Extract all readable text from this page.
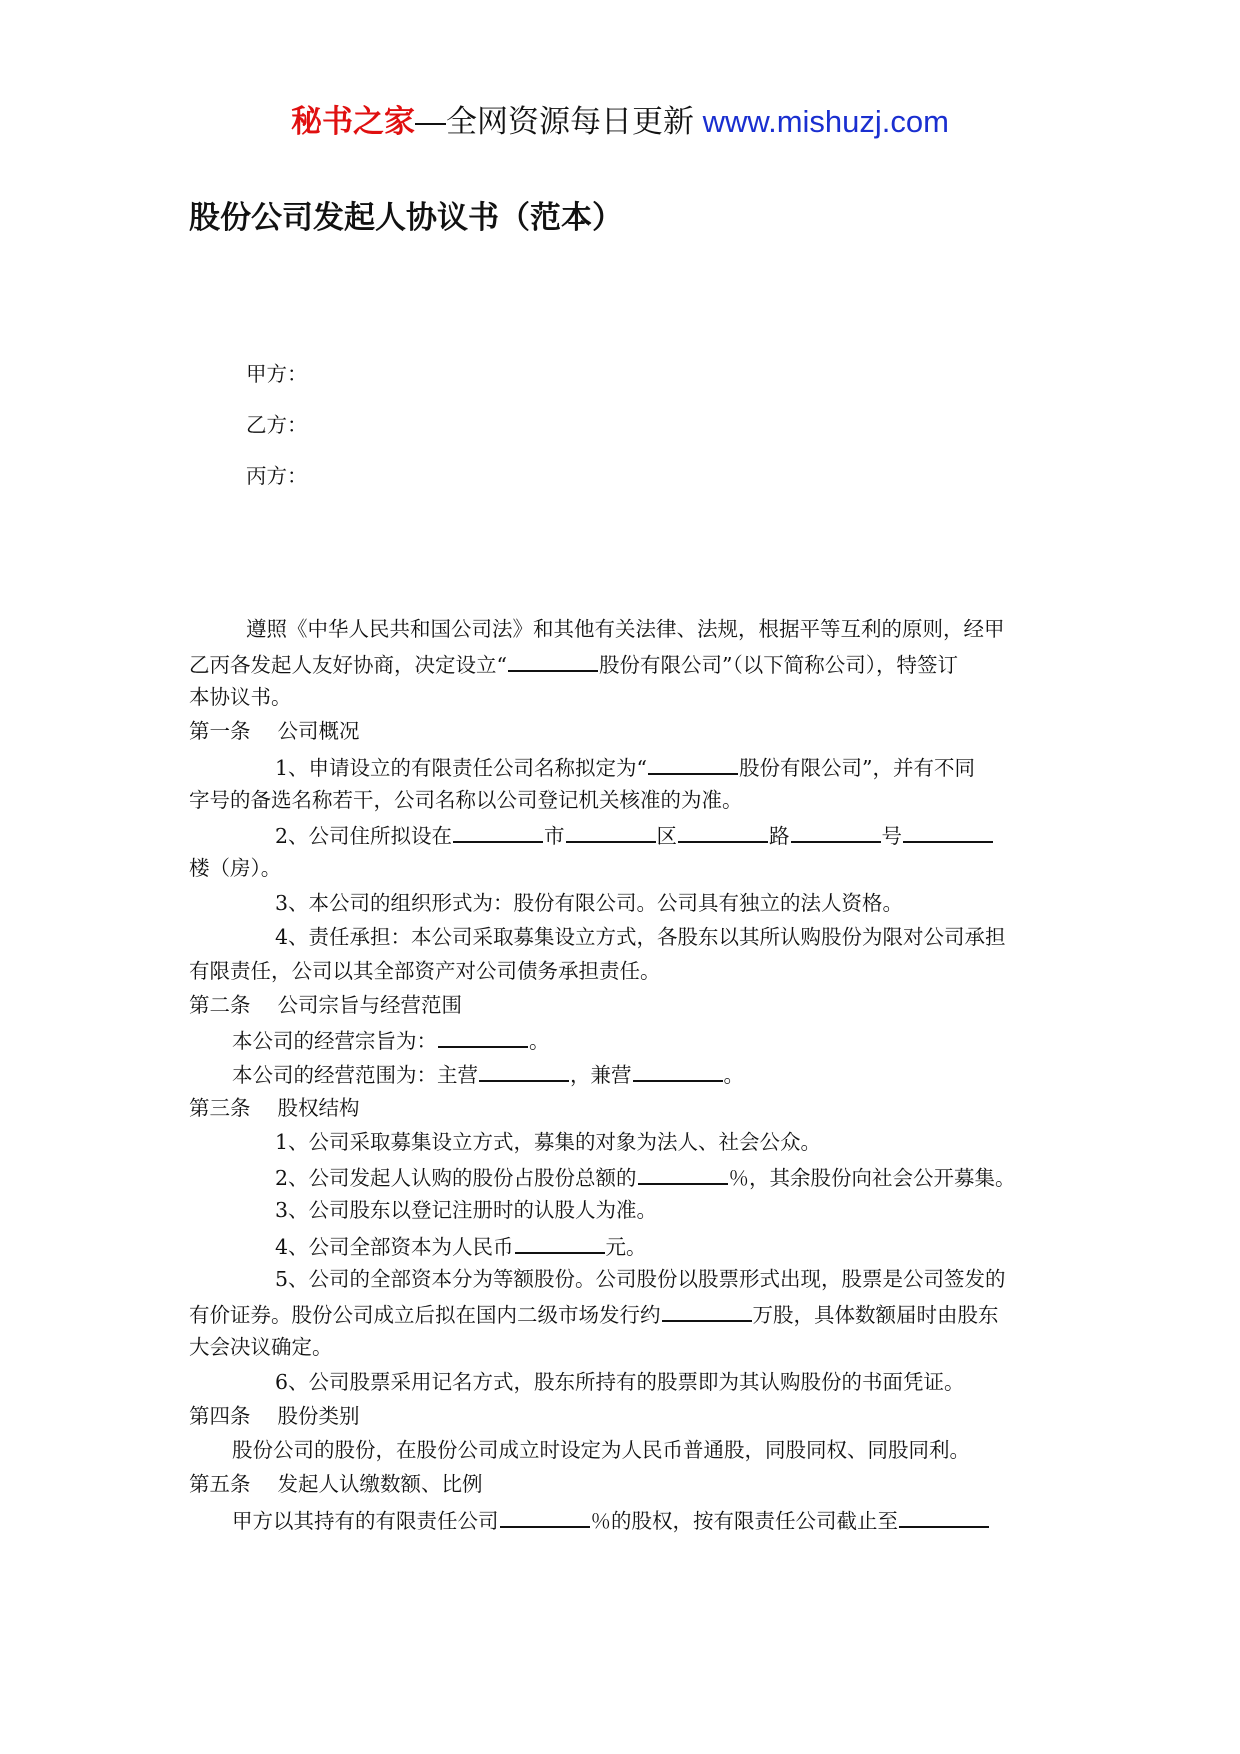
秘书之家—全网资源每日更新 www.mishuzj.com
股份公司发起人协议书（范本）
甲方：
乙方：
丙方：
遵照《中华人民共和国公司法》和其他有关法律、法规，根据平等互利的原则，经甲
乙丙各发起人友好协商，决定设立“	股份有限公司”（以下简称公司），特签订
本协议书。
第一条　 公司概况
1、申请设立的有限责任公司名称拟定为“	股份有限公司”，并有不同
字号的备选名称若干，公司名称以公司登记机关核准的为准。
2、公司住所拟设在	市	区	路	号
楼（房）。
3、本公司的组织形式为：股份有限公司。公司具有独立的法人资格。
4、责任承担：本公司采取募集设立方式，各股东以其所认购股份为限对公司承担
有限责任，公司以其全部资产对公司债务承担责任。
第二条　 公司宗旨与经营范围
本公司的经营宗旨为：	。
本公司的经营范围为：主营	，兼营	。
第三条　 股权结构
1、公司采取募集设立方式，募集的对象为法人、社会公众。
2、公司发起人认购的股份占股份总额的	％，其余股份向社会公开募集。
3、公司股东以登记注册时的认股人为准。
4、公司全部资本为人民币	元。
5、公司的全部资本分为等额股份。公司股份以股票形式出现，股票是公司签发的
有价证券。股份公司成立后拟在国内二级市场发行约	万股，具体数额届时由股东
大会决议确定。
6、公司股票采用记名方式，股东所持有的股票即为其认购股份的书面凭证。
第四条　 股份类别
股份公司的股份，在股份公司成立时设定为人民币普通股，同股同权、同股同利。
第五条　 发起人认缴数额、比例
甲方以其持有的有限责任公司	％的股权，按有限责任公司截止至
